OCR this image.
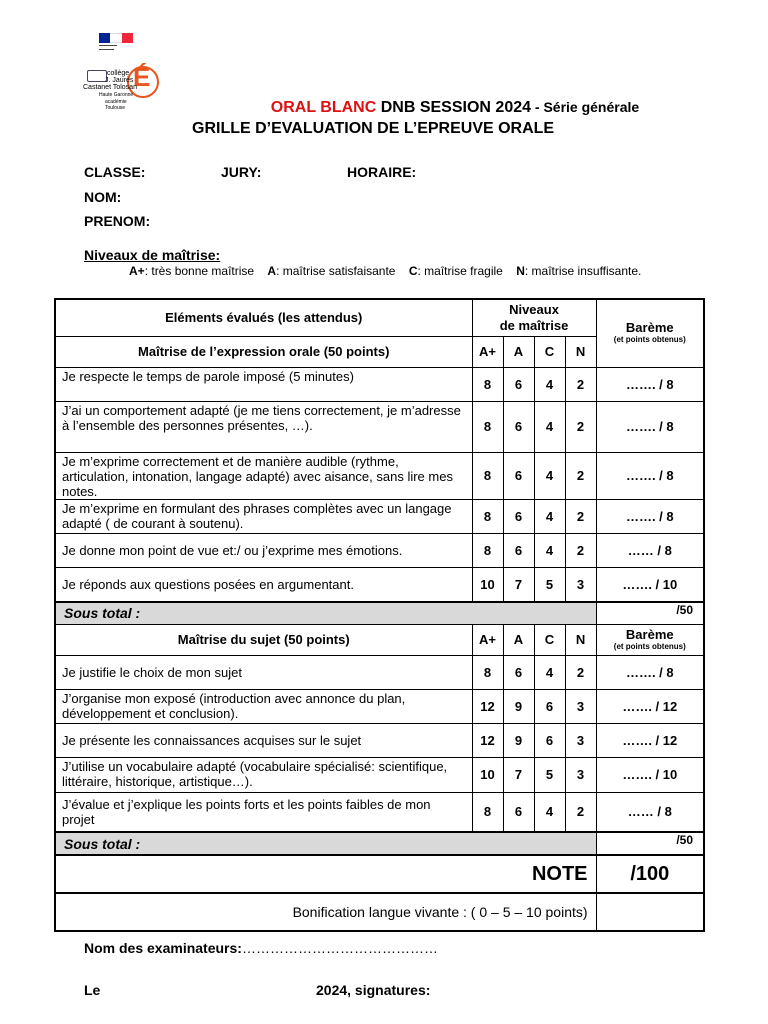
▬▬▬▬▬▬
▬▬▬▬▬
É
collège
J. Jaurès
Castanet Tolosan
Haute Garonne
académie
Toulouse	ORAL BLANC DNB SESSION 2024 - Série générale
GRILLE D’EVALUATION DE L’EPREUVE ORALE
CLASSE:	JURY:	HORAIRE:
NOM:
PRENOM:
Niveaux de maîtrise:
A+: très bonne maîtrise A: maîtrise satisfaisante C: maîtrise fragile N: maîtrise insuffisante.
Eléments évalués (les attendus)	Niveaux
de maîtrise				Barème
(et points obtenus)

Maîtrise de l’expression orale (50 points)	A+	A	C	N	
Je respecte le temps de parole imposé (5 minutes)	8	6	4	2	……. / 8
J’ai un comportement adapté (je me tiens correctement, je m’adresse à l’ensemble des personnes présentes, …).	8	6	4	2	……. / 8
Je m’exprime correctement et de manière audible (rythme, articulation, intonation, langage adapté) avec aisance, sans lire mes notes.	8	6	4	2	……. / 8
Je m’exprime en formulant des phrases complètes avec un langage adapté ( de courant à soutenu).	8	6	4	2	……. / 8
Je donne mon point de vue et:/ ou j’exprime mes émotions.	8	6	4	2	…… / 8
Je réponds aux questions posées en argumentant.	10	7	5	3	……. / 10
Sous total :					/50
Maîtrise du sujet (50 points)	A+	A	C	N	Barème
(et points obtenus)

Je justifie le choix de mon sujet	8	6	4	2	……. / 8
J’organise mon exposé (introduction avec annonce du plan, développement et conclusion).	12	9	6	3	……. / 12
Je présente les connaissances acquises sur le sujet	12	9	6	3	……. / 12
J’utilise un vocabulaire adapté (vocabulaire spécialisé: scientifique, littéraire, historique, artistique…).	10	7	5	3	……. / 10
J’évalue et j’explique les points forts et les points faibles de mon projet	8	6	4	2	…… / 8
Sous total :					/50
NOTE					/100
Bonification langue vivante : ( 0 – 5 – 10 points)					
Nom des examinateurs:……………………………………
Le	2024, signatures:
